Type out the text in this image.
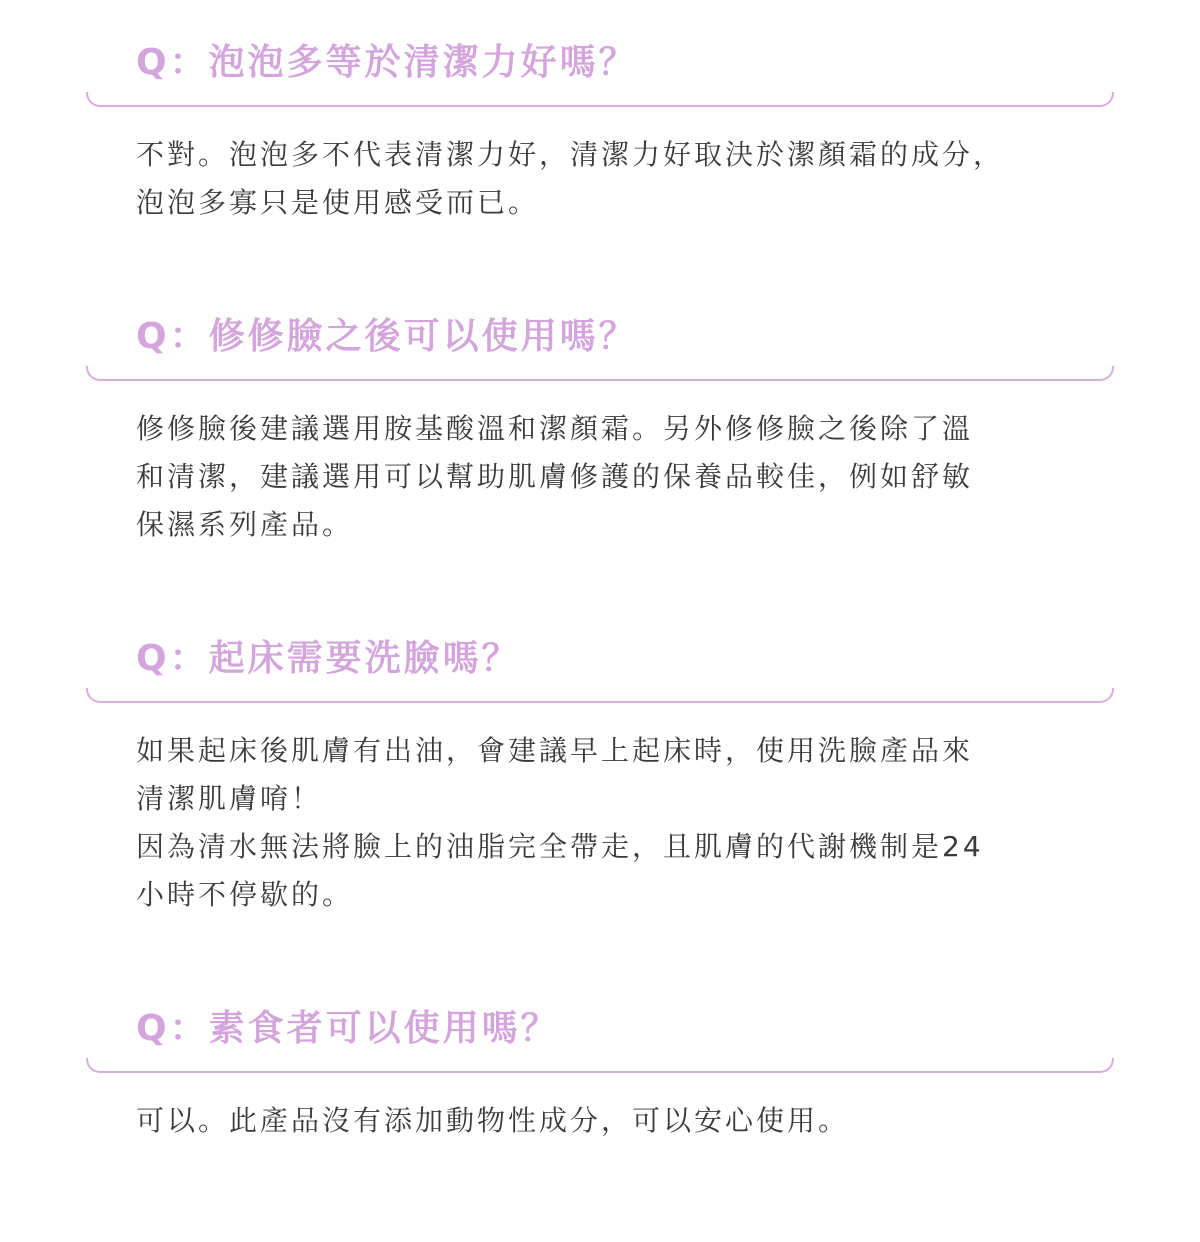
Q：泡泡多等於清潔力好嗎？
不對。泡泡多不代表清潔力好，清潔力好取決於潔顏霜的成分，
泡泡多寡只是使用感受而已。
Q：修修臉之後可以使用嗎？
修修臉後建議選用胺基酸溫和潔顏霜。另外修修臉之後除了溫
和清潔，建議選用可以幫助肌膚修護的保養品較佳，例如舒敏
保濕系列產品。
Q：起床需要洗臉嗎？
如果起床後肌膚有出油，會建議早上起床時，使用洗臉產品來
清潔肌膚唷！
因為清水無法將臉上的油脂完全帶走，且肌膚的代謝機制是24
小時不停歇的。
Q：素食者可以使用嗎？
可以。此產品沒有添加動物性成分，可以安心使用。
